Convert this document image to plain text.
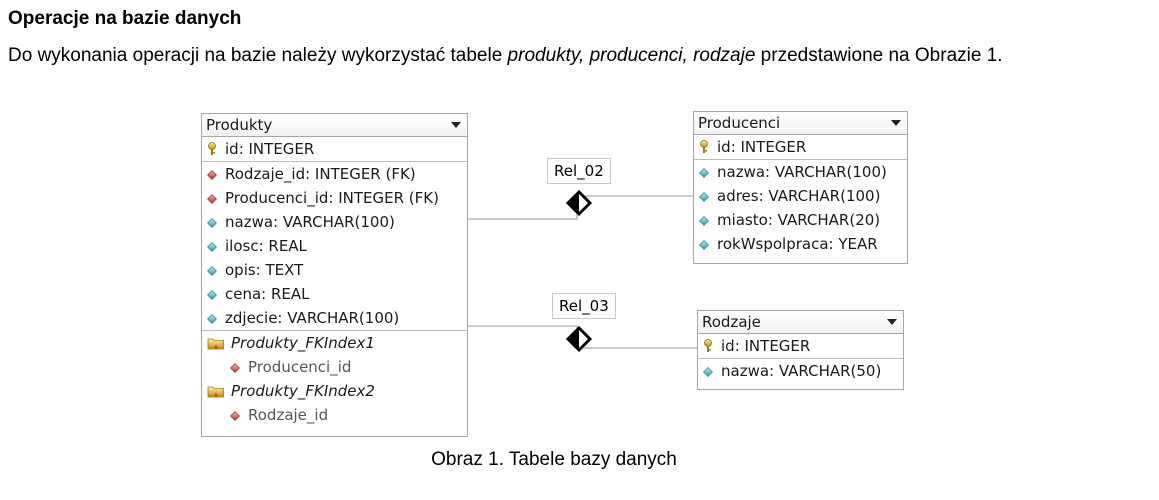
Operacje na bazie danych
Do wykonania operacji na bazie należy wykorzystać tabele produkty, producenci, rodzaje przedstawione na Obrazie 1.
Rel_02
Rel_03
Produkty
id: INTEGER
Rodzaje_id: INTEGER (FK)
Producenci_id: INTEGER (FK)
nazwa: VARCHAR(100)
ilosc: REAL
opis: TEXT
cena: REAL
zdjecie: VARCHAR(100)
Produkty_FKIndex1
Producenci_id
Produkty_FKIndex2
Rodzaje_id
Producenci
id: INTEGER
nazwa: VARCHAR(100)
adres: VARCHAR(100)
miasto: VARCHAR(20)
rokWspolpraca: YEAR
Rodzaje
id: INTEGER
nazwa: VARCHAR(50)
Obraz 1. Tabele bazy danych
